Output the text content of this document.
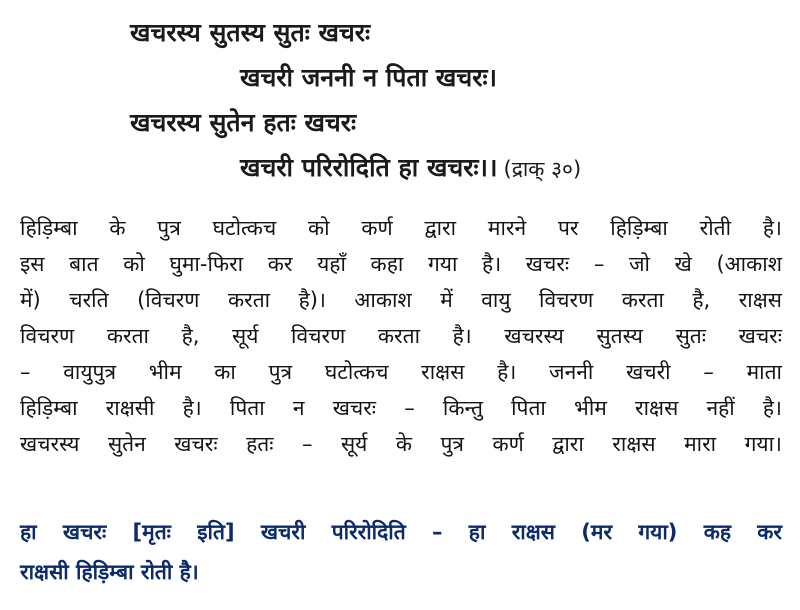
खचरस्य सुतस्य सुतः खचरः
खचरी जननी न पिता खचरः।
खचरस्य सुतेन हतः खचरः
खचरी परिरोदिति हा खचरः।। (द्राक् ३०)
हिड़िम्बा के पुत्र घटोत्कच को कर्ण द्वारा मारने पर हिड़िम्बा रोती है।
इस बात को घुमा-फिरा कर यहाँ कहा गया है। खचरः – जो खे (आकाश
में) चरति (विचरण करता है)। आकाश में वायु विचरण करता है, राक्षस
विचरण करता है, सूर्य विचरण करता है। खचरस्य सुतस्य सुतः खचरः
– वायुपुत्र भीम का पुत्र घटोत्कच राक्षस है। जननी खचरी – माता
हिड़िम्बा राक्षसी है। पिता न खचरः – किन्तु पिता भीम राक्षस नहीं है।
खचरस्य सुतेन खचरः हतः – सूर्य के पुत्र कर्ण द्वारा राक्षस मारा गया।
हा खचरः [मृतः इति] खचरी परिरोदिति – हा राक्षस (मर गया) कह कर
राक्षसी हिड़िम्बा रोती है।
